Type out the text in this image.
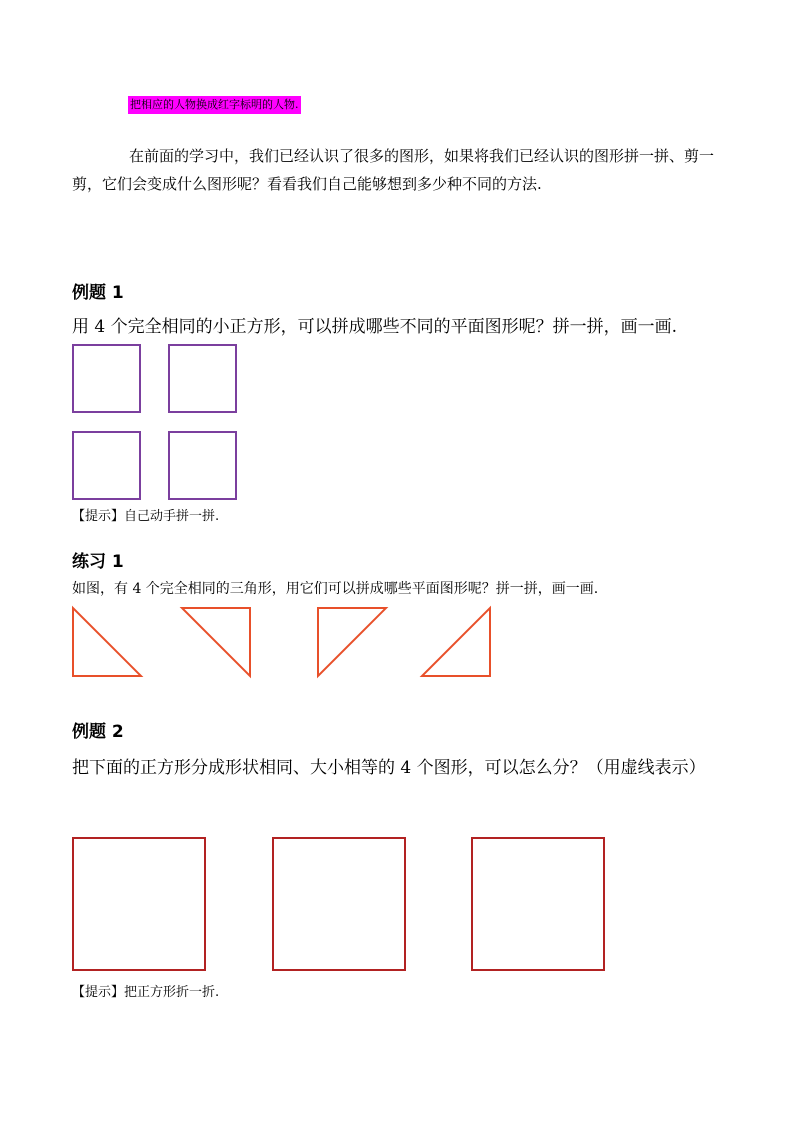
把相应的人物换成红字标明的人物.

在前面的学习中，我们已经认识了很多的图形，如果将我们已经认识的图形拼一拼、剪一剪，它们会变成什么图形呢？看看我们自己能够想到多少种不同的方法.

例题 1
用 4 个完全相同的小正方形，可以拼成哪些不同的平面图形呢？拼一拼，画一画.
【提示】自己动手拼一拼.
练习 1
如图，有 4 个完全相同的三角形，用它们可以拼成哪些平面图形呢？拼一拼，画一画.
例题 2
把下面的正方形分成形状相同、大小相等的 4 个图形，可以怎么分？（用虚线表示）
【提示】把正方形折一折.
